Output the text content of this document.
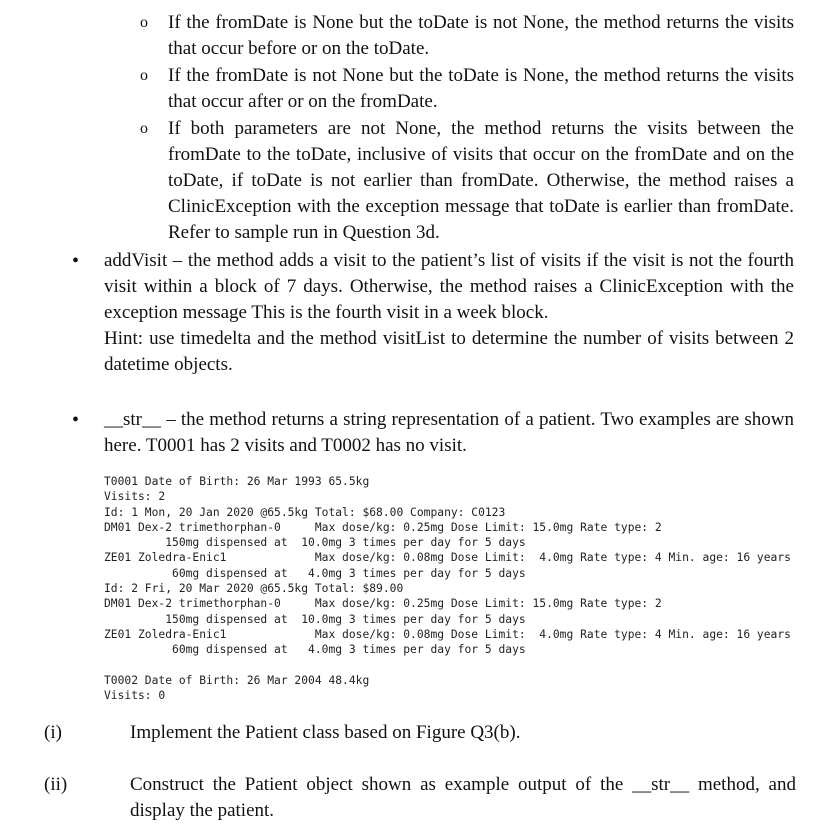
o If the fromDate is None but the toDate is not None, the method returns the visits that occur before or on the toDate.
o If the fromDate is not None but the toDate is None, the method returns the visits that occur after or on the fromDate.
o If both parameters are not None, the method returns the visits between the fromDate to the toDate, inclusive of visits that occur on the fromDate and on the toDate, if toDate is not earlier than fromDate. Otherwise, the method raises a ClinicException with the exception message that toDate is earlier than fromDate. Refer to sample run in Question 3d.
• addVisit – the method adds a visit to the patient’s list of visits if the visit is not the fourth visit within a block of 7 days. Otherwise, the method raises a ClinicException with the exception message This is the fourth visit in a week block.
Hint: use timedelta and the method visitList to determine the number of visits between 2 datetime objects.
• __str__ – the method returns a string representation of a patient. Two examples are shown here. T0001 has 2 visits and T0002 has no visit.
T0001 Date of Birth: 26 Mar 1993 65.5kg
Visits: 2
Id: 1 Mon, 20 Jan 2020 @65.5kg Total: $68.00 Company: C0123
DM01 Dex-2 trimethorphan-0     Max dose/kg: 0.25mg Dose Limit: 15.0mg Rate type: 2
150mg dispensed at  10.0mg 3 times per day for 5 days
ZE01 Zoledra-Enic1             Max dose/kg: 0.08mg Dose Limit:  4.0mg Rate type: 4 Min. age: 16 years
60mg dispensed at   4.0mg 3 times per day for 5 days
Id: 2 Fri, 20 Mar 2020 @65.5kg Total: $89.00
DM01 Dex-2 trimethorphan-0     Max dose/kg: 0.25mg Dose Limit: 15.0mg Rate type: 2
150mg dispensed at  10.0mg 3 times per day for 5 days
ZE01 Zoledra-Enic1             Max dose/kg: 0.08mg Dose Limit:  4.0mg Rate type: 4 Min. age: 16 years
60mg dispensed at   4.0mg 3 times per day for 5 days

T0002 Date of Birth: 26 Mar 2004 48.4kg
Visits: 0
(i)	Implement the Patient class based on Figure Q3(b).
(ii)	Construct the Patient object shown as example output of the __str__ method, and display the patient.
